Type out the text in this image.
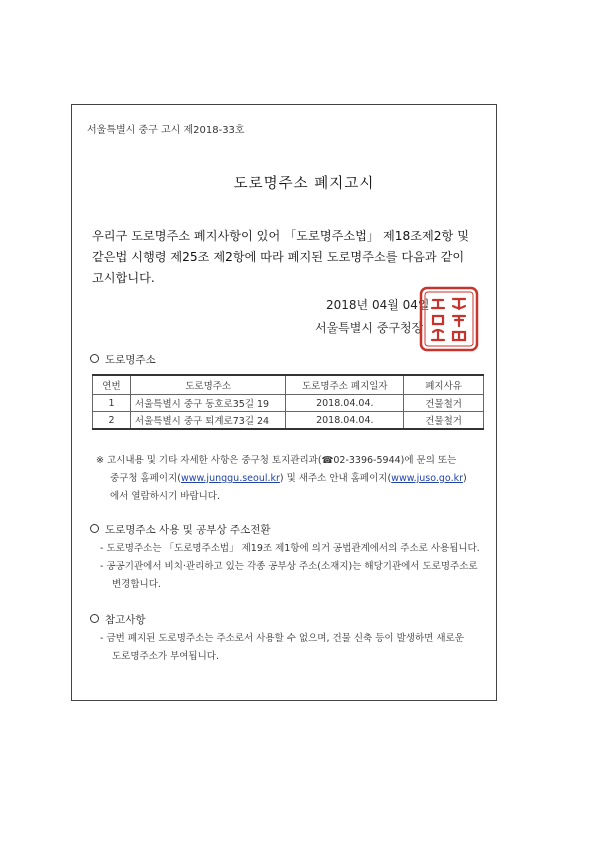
서울특별시 중구 고시 제2018-33호
도로명주소 폐지고시
우리구 도로명주소 폐지사항이 있어 「도로명주소법」 제18조제2항 및 같은법 시행령 제25조 제2항에 따라 폐지된 도로명주소를 다음과 같이 고시합니다.
2018년 04월 04일
서울특별시 중구청장
도로명주소
연번	도로명주소	도로명주소 폐지일자	폐지사유
1	서울특별시 중구 동호로35길 19	2018.04.04.	건물철거
2	서울특별시 중구 퇴계로73길 24	2018.04.04.	건물철거
※ 고시내용 및 기타 자세한 사항은 중구청 토지관리과(☎02-3396-5944)에 문의 또는
중구청 홈페이지(www.junggu.seoul.kr) 및 새주소 안내 홈페이지(www.juso.go.kr)
에서 열람하시기 바랍니다.
도로명주소 사용 및 공부상 주소전환
- 도로명주소는 「도로명주소법」 제19조 제1항에 의거 공법관계에서의 주소로 사용됩니다.
- 공공기관에서 비치·관리하고 있는 각종 공부상 주소(소재지)는 해당기관에서 도로명주소로
변경합니다.
참고사항
- 금번 폐지된 도로명주소는 주소로서 사용할 수 없으며, 건물 신축 등이 발생하면 새로운
도로명주소가 부여됩니다.
